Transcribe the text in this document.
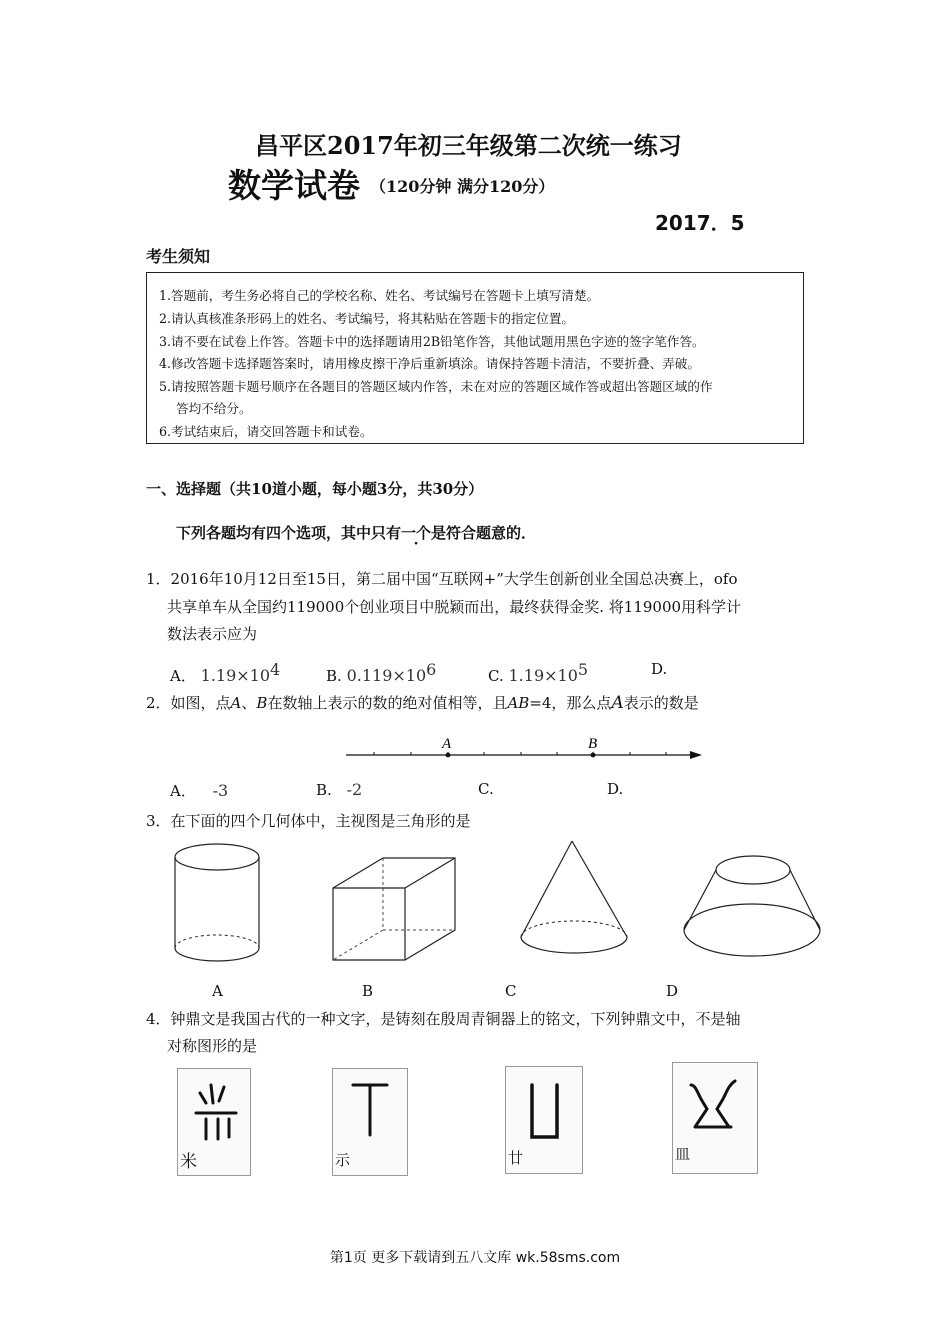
昌平区2017年初三年级第二次统一练习
数学试卷 （120分钟 满分120分）
2017．5
考生须知
1.答题前，考生务必将自己的学校名称、姓名、考试编号在答题卡上填写清楚。
2.请认真核准条形码上的姓名、考试编号，将其粘贴在答题卡的指定位置。
3.请不要在试卷上作答。答题卡中的选择题请用2B铅笔作答，其他试题用黑色字迹的签字笔作答。
4.修改答题卡选择题答案时，请用橡皮擦干净后重新填涂。请保持答题卡清洁，不要折叠、弄破。
5.请按照答题卡题号顺序在各题目的答题区域内作答，未在对应的答题区域作答或超出答题区域的作
答均不给分。
6.考试结束后，请交回答题卡和试卷。
一、选择题（共10道小题，每小题3分，共30分）
下列各题均有四个选项，其中只有一个是符合题意的．
1．2016年10月12日至15日，第二届中国“互联网+”大学生创新创业全国总决赛上，ofo
共享单车从全国约119000个创业项目中脱颖而出，最终获得金奖. 将119000用科学计
数法表示应为
A． $1.19\times 10^4$	B. $0.119\times 10^6$	C. $1.19\times 10^5$	D.
2．如图，点A、B在数轴上表示的数的绝对值相等，且AB=4，那么点A表示的数是
A	B
A． -3	B. -2	C.	D.
3．在下面的四个几何体中，主视图是三角形的是
A	B	C	D
4．钟鼎文是我国古代的一种文字，是铸刻在殷周青铜器上的铭文，下列钟鼎文中，不是轴
对称图形的是
米	示	廿	皿
第1页 更多下载请到五八文库 wk.58sms.com
